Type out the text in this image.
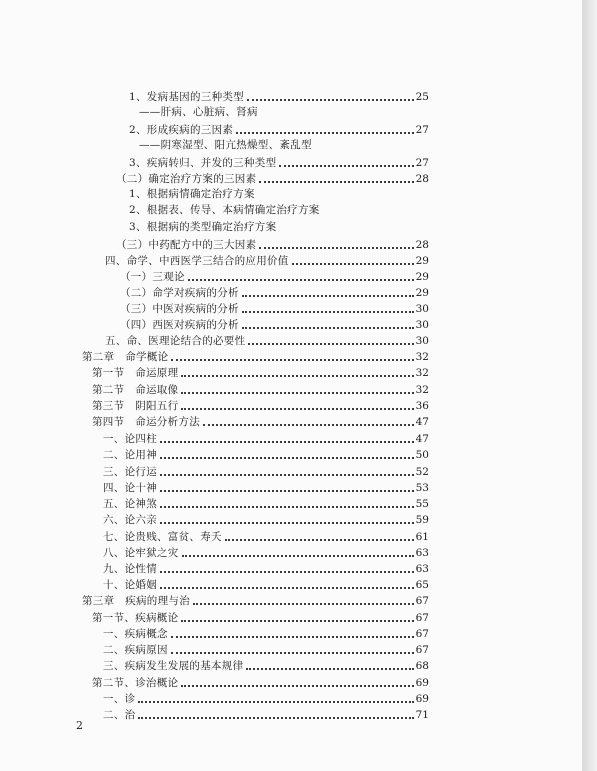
1、发病基因的三种类型	25
——肝病、心脏病、肾病
2、形成疾病的三因素	27
——阴寒湿型、阳亢热燥型、紊乱型
3、疾病转归、并发的三种类型	27
（二）确定治疗方案的三因素	28
1、根据病情确定治疗方案
2、根据表、传导、本病情确定治疗方案
3、根据病的类型确定治疗方案
（三）中药配方中的三大因素	28
四、命学、中西医学三结合的应用价值	29
（一）三观论	29
（二）命学对疾病的分析	29
（三）中医对疾病的分析	30
（四）西医对疾病的分析	30
五、命、医理论结合的必要性	30
第二章　命学概论	32
第一节　命运原理	32
第二节　命运取像	32
第三节　阴阳五行	36
第四节　命运分析方法	47
一、论四柱	47
二、论用神	50
三、论行运	52
四、论十神	53
五、论神煞	55
六、论六亲	59
七、论贵贱、富贫、寿夭	61
八、论牢狱之灾	63
九、论性情	63
十、论婚姻	65
第三章　疾病的理与治	67
第一节、疾病概论	67
一、疾病概念	67
二、疾病原因	67
三、疾病发生发展的基本规律	68
第二节、诊治概论	69
一、诊	69
二、治	71
2
